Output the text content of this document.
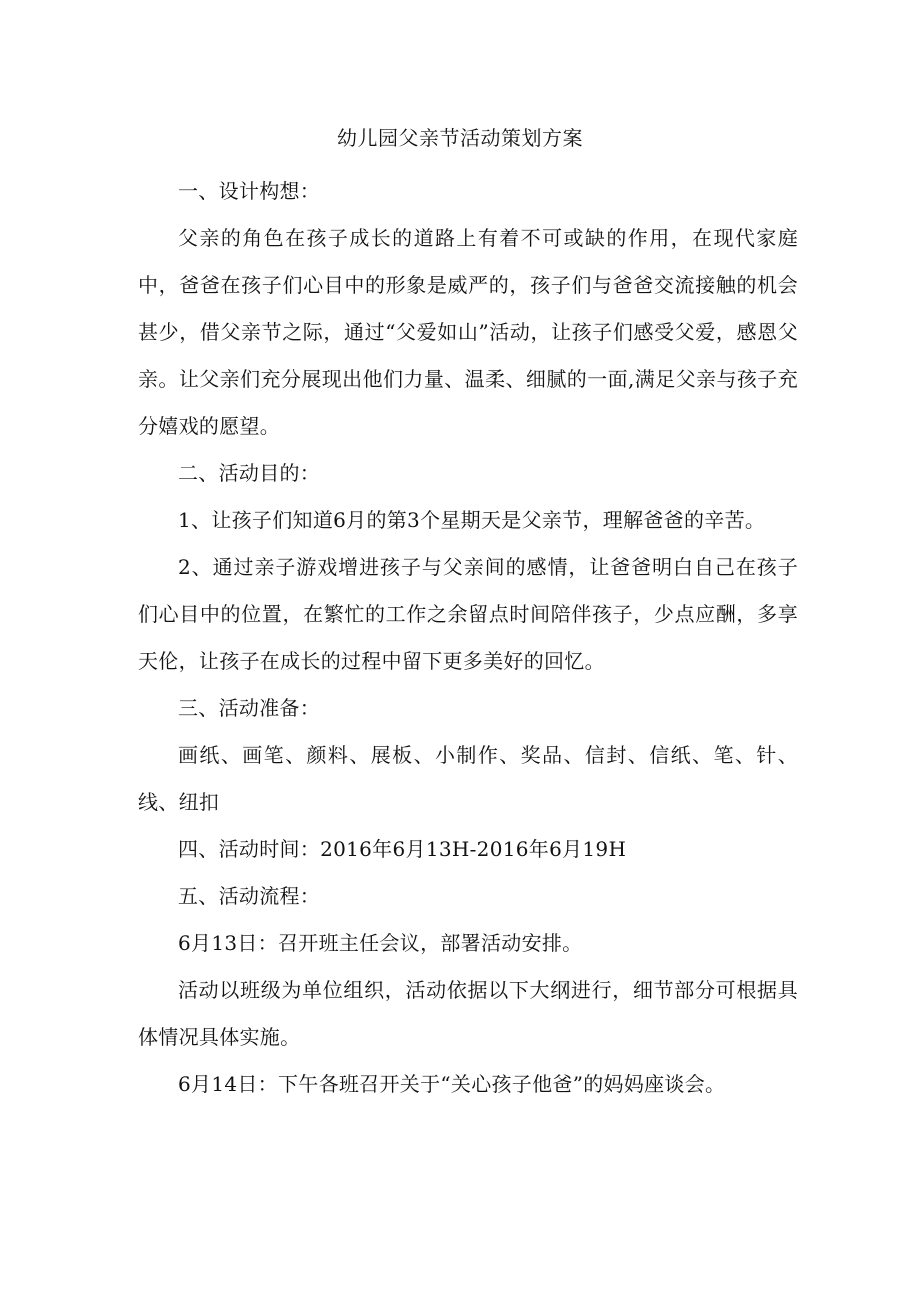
幼儿园父亲节活动策划方案

一、设计构想：

父亲的角色在孩子成长的道路上有着不可或缺的作用，在现代家庭中，爸爸在孩子们心目中的形象是威严的，孩子们与爸爸交流接触的机会甚少，借父亲节之际，通过“父爱如山”活动，让孩子们感受父爱，感恩父亲。让父亲们充分展现出他们力量、温柔、细腻的一面,满足父亲与孩子充分嬉戏的愿望。

二、活动目的：

1、让孩子们知道6月的第3个星期天是父亲节，理解爸爸的辛苦。

2、通过亲子游戏增进孩子与父亲间的感情，让爸爸明白自己在孩子们心目中的位置，在繁忙的工作之余留点时间陪伴孩子，少点应酬，多享天伦，让孩子在成长的过程中留下更多美好的回忆。

三、活动准备：

画纸、画笔、颜料、展板、小制作、奖品、信封、信纸、笔、针、线、纽扣

四、活动时间：2016年6月13H-2016年6月19H

五、活动流程：

6月13日：召开班主任会议，部署活动安排。

活动以班级为单位组织，活动依据以下大纲进行，细节部分可根据具体情况具体实施。

6月14日：下午各班召开关于“关心孩子他爸”的妈妈座谈会。
